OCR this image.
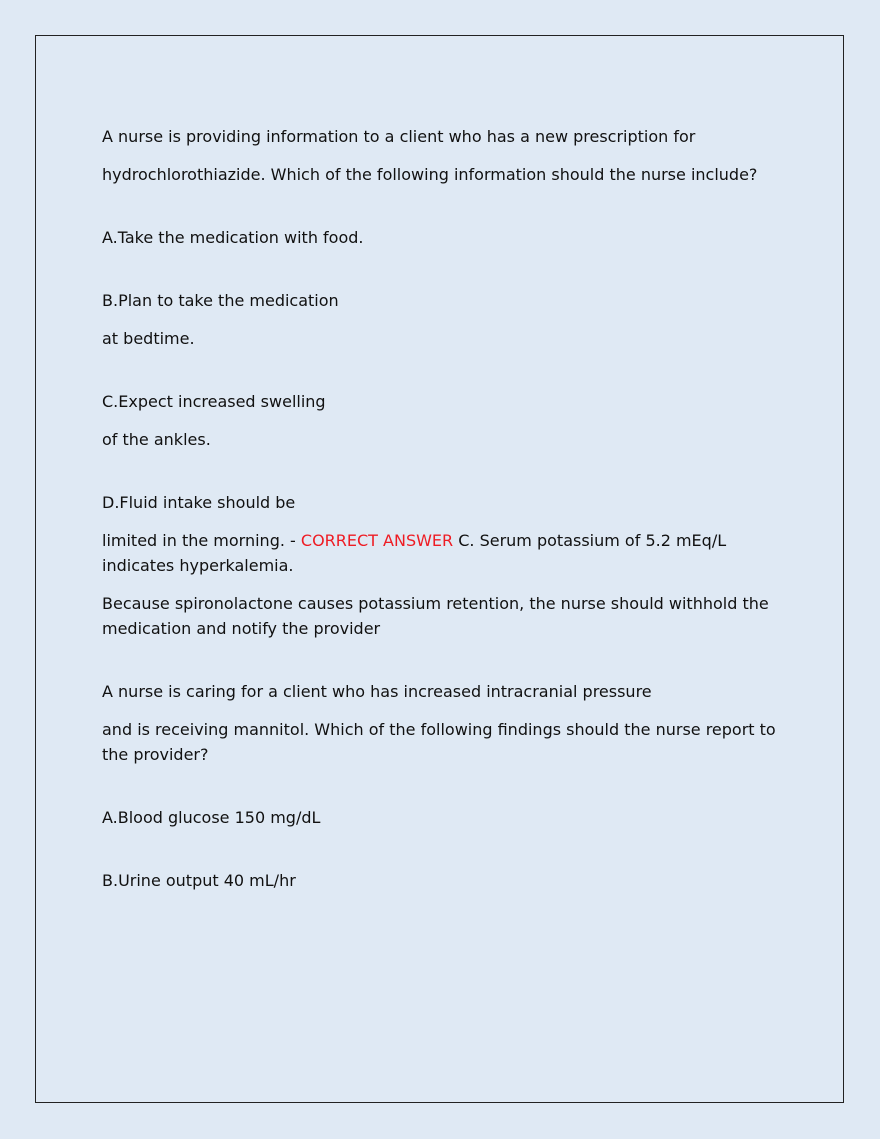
A nurse is providing information to a client who has a new prescription for

hydrochlorothiazide. Which of the following information should the nurse include?

A.Take the medication with food.

B.Plan to take the medication

at bedtime.

C.Expect increased swelling

of the ankles.

D.Fluid intake should be

limited in the morning. - CORRECT ANSWER C. Serum potassium of 5.2 mEq/L indicates hyperkalemia.

Because spironolactone causes potassium retention, the nurse should withhold the medication and notify the provider

A nurse is caring for a client who has increased intracranial pressure

and is receiving mannitol. Which of the following findings should the nurse report to the provider?

A.Blood glucose 150 mg/dL

B.Urine output 40 mL/hr
